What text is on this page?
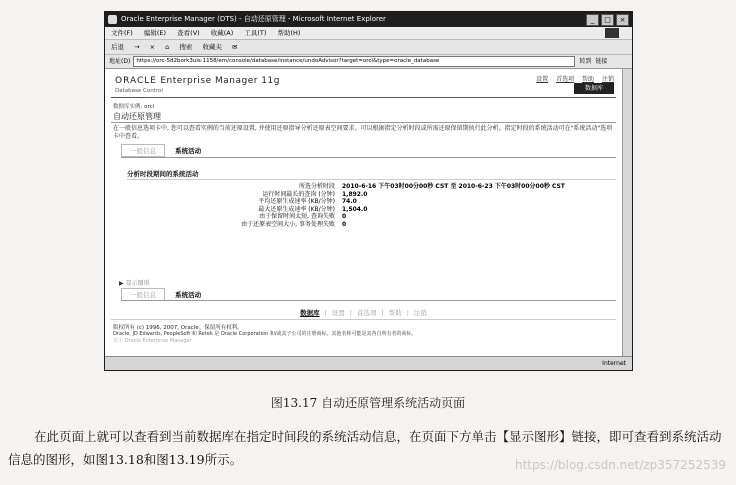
Oracle Enterprise Manager (DTS) - 自动还原管理 - Microsoft Internet Explorer	_	□	×
文件(F) 编辑(E) 查看(V) 收藏(A) 工具(T) 帮助(H)
后退 → × ⌂ 搜索 收藏夹 ✉
地址(D)	https://orc-5d2bork3uls:1158/em/console/database/instance/undoAdvisor?target=orcl&type=oracle_database	转到 链接
ORACLE Enterprise Manager 11g
Database Control
设置 首选项 帮助 注销
数据库
数据库实例: orcl
自动还原管理
在一般信息选项卡中, 您可以查看实例的当前还原设置, 并使用还原指导分析还原表空间要求。可以根据指定分析时段或所需还原保留期执行此分析。指定时段的系统活动可在"系统活动"选项卡中查看。
一般信息	系统活动
分析时段期间的系统活动
所选分析时段 2010-6-16 下午03时00分00秒 CST 至 2010-6-23 下午03时00分00秒 CST
运行时间最长的查询 (分钟) 1,892.0
平均还原生成速率 (KB/分钟) 74.0
最大还原生成速率 (KB/分钟) 1,504.0
由于保留时间太短, 查询失败 0
由于还原表空间大小, 事务处理失败 0
▶ 显示图形
一般信息	系统活动
数据库 | 设置 | 首选项 | 帮助 | 注销
版权所有 (c) 1996, 2007, Oracle。保留所有权利。
Oracle, JD Edwards, PeopleSoft 和 Retek 是 Oracle Corporation 和/或其子公司的注册商标。其他名称可能是其各自所有者的商标。
关于 Oracle Enterprise Manager
Internet
图13.17 自动还原管理系统活动页面
在此页面上就可以查看到当前数据库在指定时间段的系统活动信息，在页面下方单击【显示图形】链接，即可查看到系统活动信息的图形，如图13.18和图13.19所示。	https://blog.csdn.net/zp357252539
